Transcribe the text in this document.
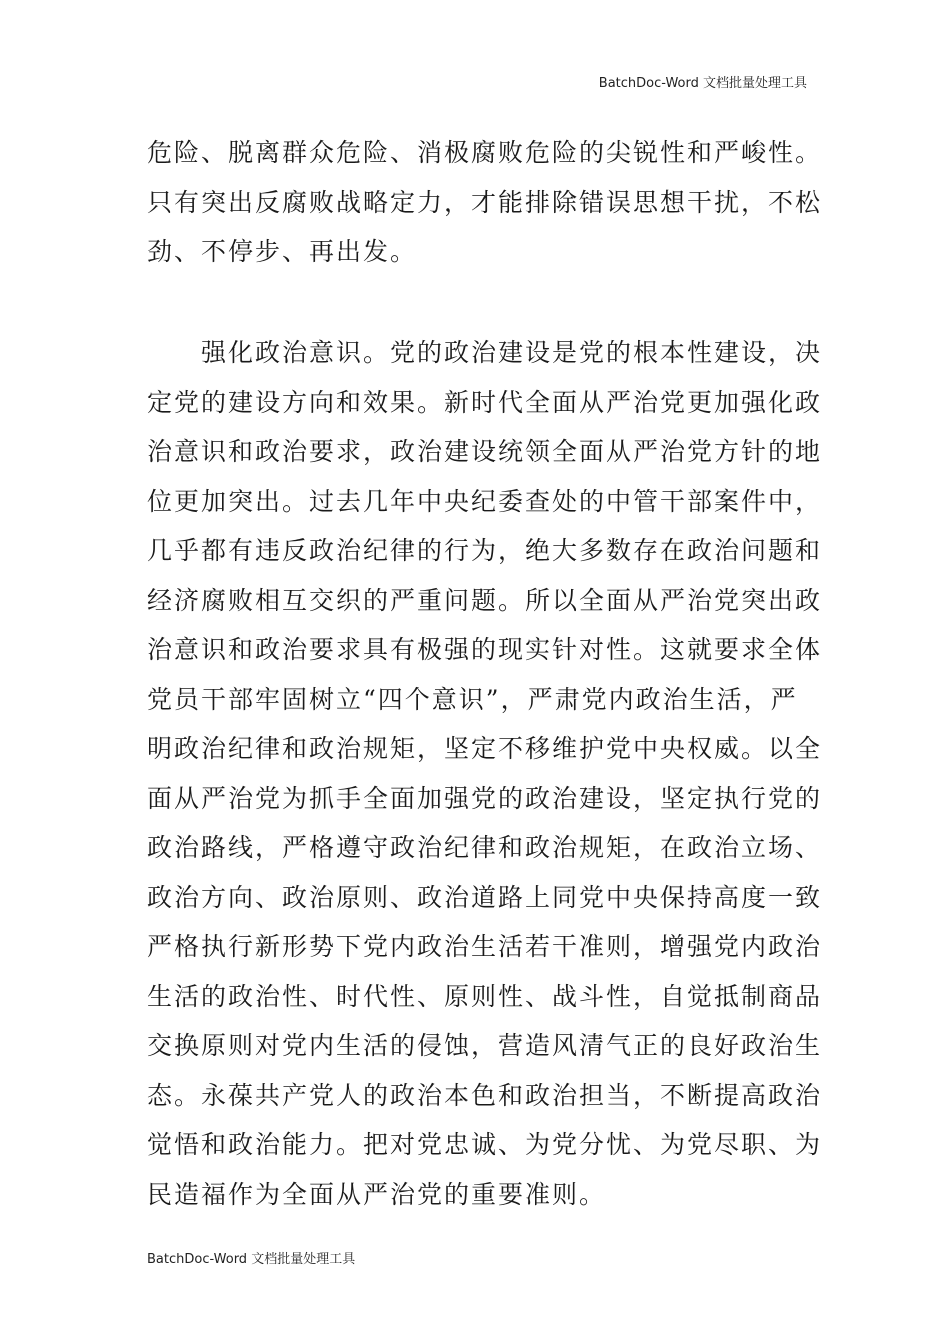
BatchDoc-Word 文档批量处理工具

危险、脱离群众危险、消极腐败危险的尖锐性和严峻性。
只有突出反腐败战略定力，才能排除错误思想干扰，不松
劲、不停步、再出发。

　　强化政治意识。党的政治建设是党的根本性建设，决
定党的建设方向和效果。新时代全面从严治党更加强化政
治意识和政治要求，政治建设统领全面从严治党方针的地
位更加突出。过去几年中央纪委查处的中管干部案件中，
几乎都有违反政治纪律的行为，绝大多数存在政治问题和
经济腐败相互交织的严重问题。所以全面从严治党突出政
治意识和政治要求具有极强的现实针对性。这就要求全体
党员干部牢固树立“四个意识”，严肃党内政治生活，严
明政治纪律和政治规矩，坚定不移维护党中央权威。以全
面从严治党为抓手全面加强党的政治建设，坚定执行党的
政治路线，严格遵守政治纪律和政治规矩，在政治立场、
政治方向、政治原则、政治道路上同党中央保持高度一致
严格执行新形势下党内政治生活若干准则，增强党内政治
生活的政治性、时代性、原则性、战斗性，自觉抵制商品
交换原则对党内生活的侵蚀，营造风清气正的良好政治生
态。永葆共产党人的政治本色和政治担当，不断提高政治
觉悟和政治能力。把对党忠诚、为党分忧、为党尽职、为
民造福作为全面从严治党的重要准则。

BatchDoc-Word 文档批量处理工具
